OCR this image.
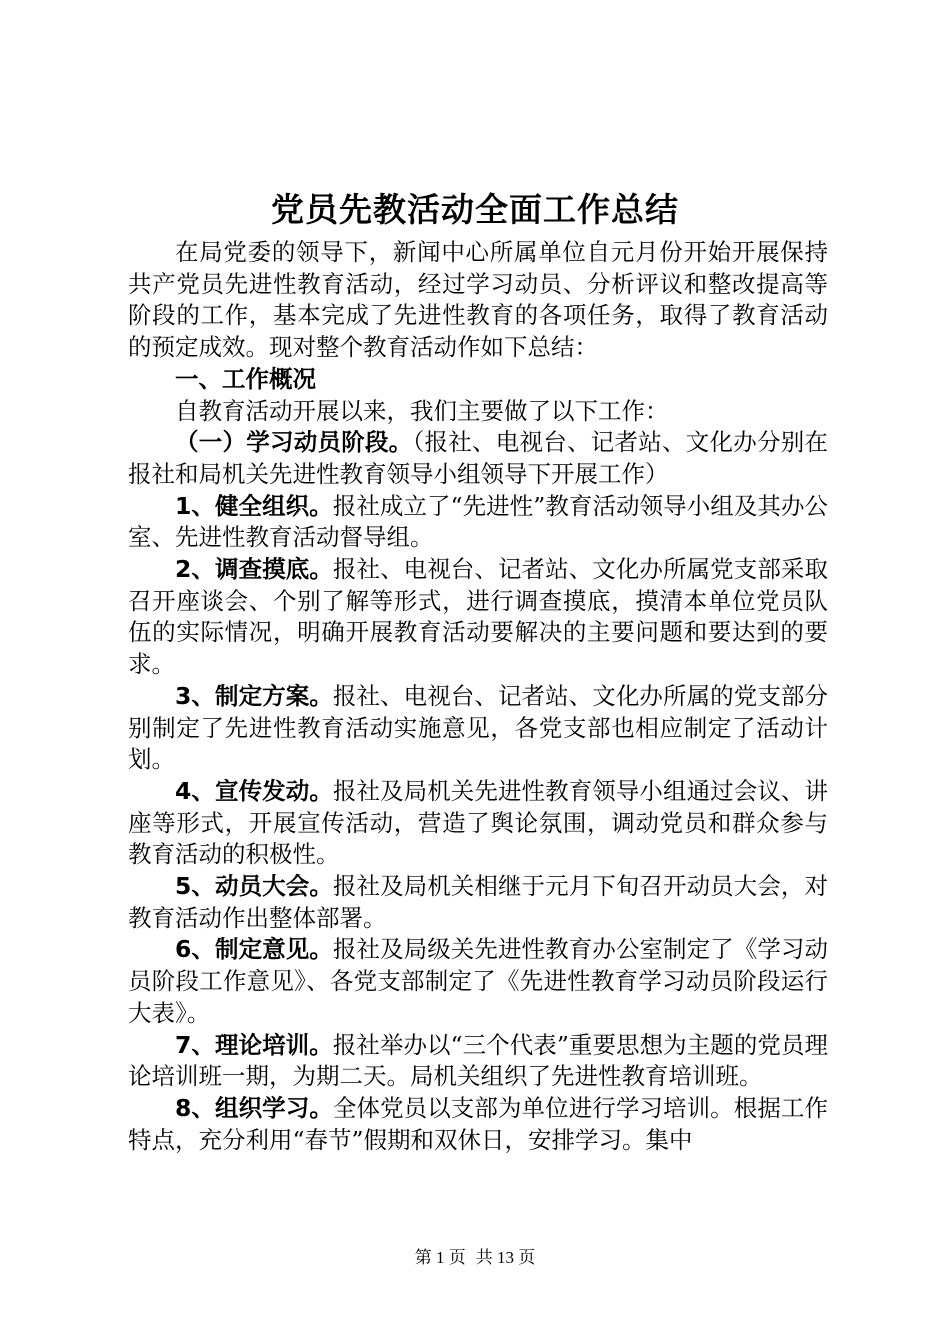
党员先教活动全面工作总结

在局党委的领导下，新闻中心所属单位自元月份开始开展保持共产党员先进性教育活动，经过学习动员、分析评议和整改提高等阶段的工作，基本完成了先进性教育的各项任务，取得了教育活动的预定成效。现对整个教育活动作如下总结：

一、工作概况

自教育活动开展以来，我们主要做了以下工作：

（一）学习动员阶段。（报社、电视台、记者站、文化办分别在报社和局机关先进性教育领导小组领导下开展工作）

1、健全组织。报社成立了“先进性”教育活动领导小组及其办公室、先进性教育活动督导组。

2、调查摸底。报社、电视台、记者站、文化办所属党支部采取召开座谈会、个别了解等形式，进行调查摸底，摸清本单位党员队伍的实际情况，明确开展教育活动要解决的主要问题和要达到的要求。

3、制定方案。报社、电视台、记者站、文化办所属的党支部分别制定了先进性教育活动实施意见，各党支部也相应制定了活动计划。

4、宣传发动。报社及局机关先进性教育领导小组通过会议、讲座等形式，开展宣传活动，营造了舆论氛围，调动党员和群众参与教育活动的积极性。

5、动员大会。报社及局机关相继于元月下旬召开动员大会，对教育活动作出整体部署。

6、制定意见。报社及局级关先进性教育办公室制定了《学习动员阶段工作意见》、各党支部制定了《先进性教育学习动员阶段运行大表》。

7、理论培训。报社举办以“三个代表”重要思想为主题的党员理论培训班一期，为期二天。局机关组织了先进性教育培训班。

8、组织学习。全体党员以支部为单位进行学习培训。根据工作特点，充分利用“春节”假期和双休日，安排学习。集中

第 1 页 共 13 页
